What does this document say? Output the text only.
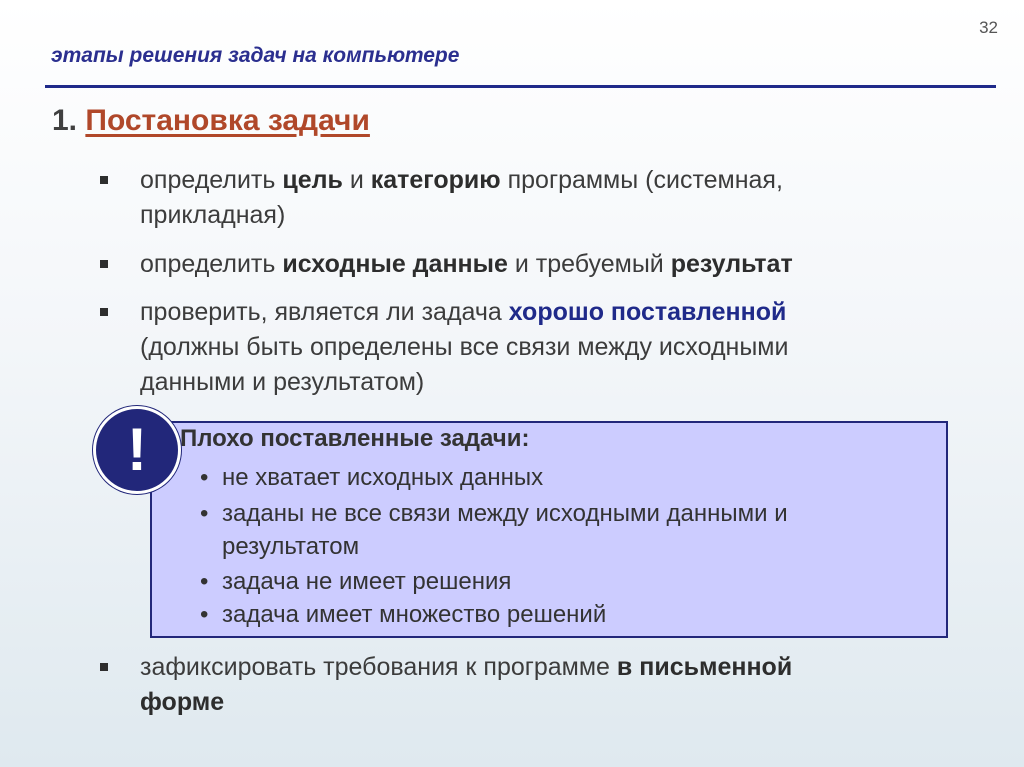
32
этапы решения задач на компьютере
1. Постановка задачи
определить цель и категорию программы (системная,
прикладная)
определить исходные данные и требуемый результат
проверить, является ли задача хорошо поставленной
(должны быть определены все связи между исходными
данными и результатом)
Плохо поставленные задачи:
• не хватает исходных данных
• заданы не все связи между исходными данными и
результатом
• задача не имеет решения
• задача имеет множество решений
!
зафиксировать требования к программе в письменной
форме
